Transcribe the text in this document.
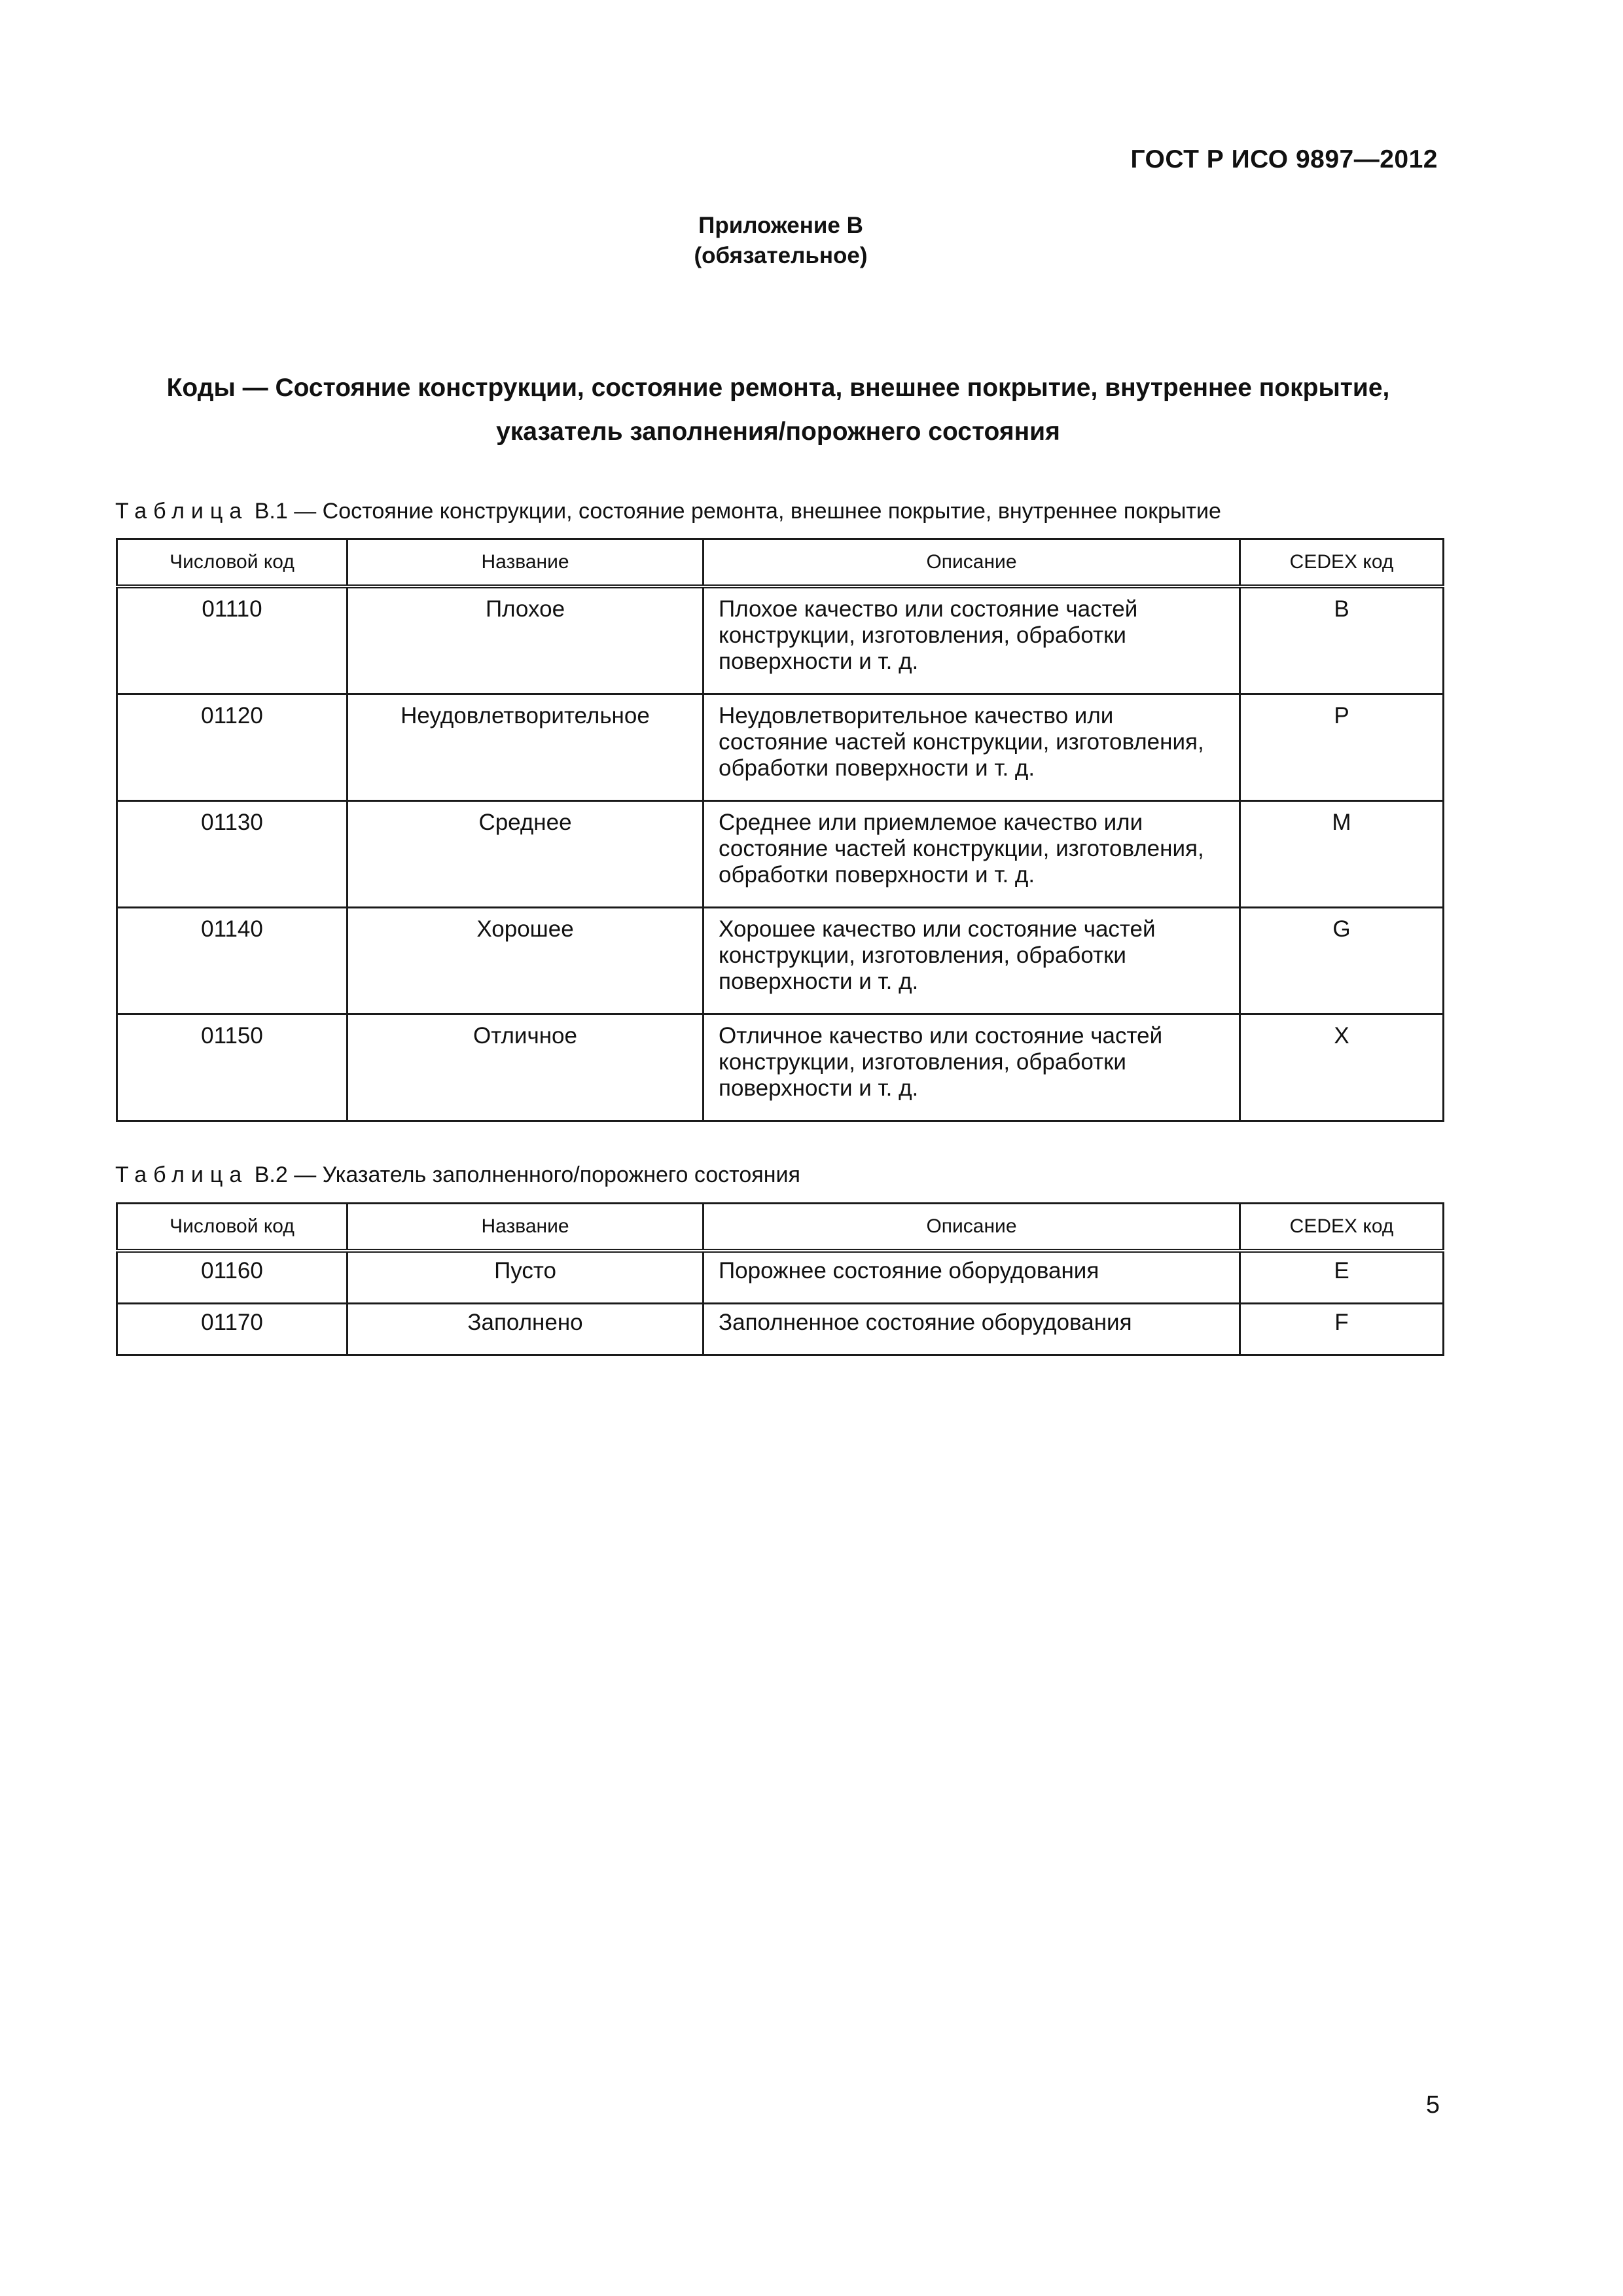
ГОСТ Р ИСО 9897—2012
Приложение В
(обязательное)
Коды — Состояние конструкции, состояние ремонта, внешнее покрытие, внутреннее покрытие,
указатель заполнения/порожнего состояния
Таблица В.1 — Состояние конструкции, состояние ремонта, внешнее покрытие, внутреннее покрытие
Числовой код	Название	Описание	CEDEX код
01110	Плохое	Плохое качество или состояние частей конструкции, изготовления, обработки поверхности и т. д.	B
01120	Неудовлетворительное	Неудовлетворительное качество или состояние частей конструкции, изготовления, обработки поверхности и т. д.	P
01130	Среднее	Среднее или приемлемое качество или состояние частей конструкции, изготовления, обработки поверхности и т. д.	M
01140	Хорошее	Хорошее качество или состояние частей конструкции, изготовления, обработки поверхности и т. д.	G
01150	Отличное	Отличное качество или состояние частей конструкции, изготовления, обработки поверхности и т. д.	X
Таблица В.2 — Указатель заполненного/порожнего состояния
Числовой код	Название	Описание	CEDEX код
01160	Пусто	Порожнее состояние оборудования	E
01170	Заполнено	Заполненное состояние оборудования	F
5
